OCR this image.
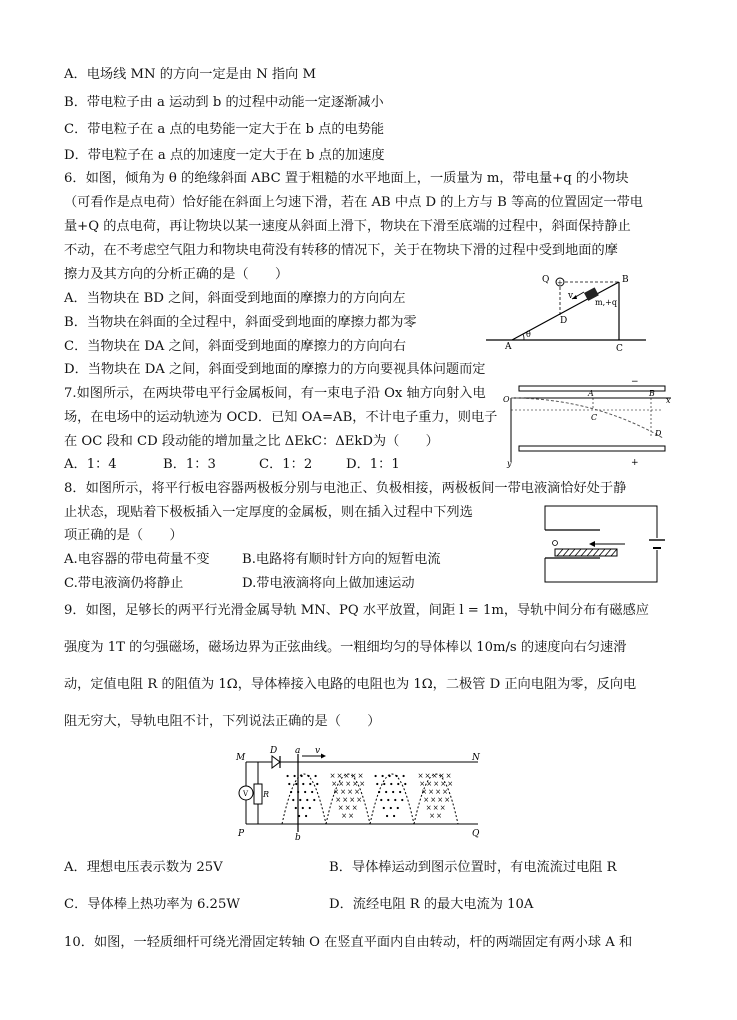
A．电场线 MN 的方向一定是由 N 指向 M
B．带电粒子由 a 运动到 b 的过程中动能一定逐渐减小
C．带电粒子在 a 点的电势能一定大于在 b 点的电势能
D．带电粒子在 a 点的加速度一定大于在 b 点的加速度
6．如图，倾角为 θ 的绝缘斜面 ABC 置于粗糙的水平地面上，一质量为 m，带电量+q 的小物块
（可看作是点电荷）恰好能在斜面上匀速下滑，若在 AB 中点 D 的上方与 B 等高的位置固定一带电
量+Q 的点电荷，再让物块以某一速度从斜面上滑下，物块在下滑至底端的过程中，斜面保持静止
不动，在不考虑空气阻力和物块电荷没有转移的情况下，关于在物块下滑的过程中受到地面的摩
擦力及其方向的分析正确的是（　　）
A．当物块在 BD 之间，斜面受到地面的摩擦力的方向向左
B．当物块在斜面的全过程中，斜面受到地面的摩擦力都为零
C．当物块在 DA 之间，斜面受到地面的摩擦力的方向向右
D．当物块在 DA 之间，斜面受到地面的摩擦力的方向要视具体问题而定
+
Q	B
v
m,+q
D
A	C
θ
7.如图所示，在两块带电平行金属板间，有一束电子沿 Ox 轴方向射入电
场，在电场中的运动轨迹为 OCD．已知 OA=AB，不计电子重力，则电子
在 OC 段和 CD 段动能的增加量之比 ΔEkC：ΔEkD为（　　）
A．1：4	B．1：3	C．1：2	D．1：1
−
O
A	B
x
C
D
y	+
8．如图所示，将平行板电容器两极板分别与电池正、负极相接，两极板间一带电液滴恰好处于静
止状态，现贴着下极板插入一定厚度的金属板，则在插入过程中下列选
项正确的是（　　）
A.电容器的带电荷量不变 B.电路将有顺时针方向的短暂电流
C.带电液滴仍将静止	D.带电液滴将向上做加速运动
9．如图，足够长的两平行光滑金属导轨 MN、PQ 水平放置，间距 l = 1m，导轨中间分布有磁感应
强度为 1T 的匀强磁场，磁场边界为正弦曲线。一粗细均匀的导体棒以 10m/s 的速度向右匀速滑
动，定值电阻 R 的阻值为 1Ω，导体棒接入电路的电阻也为 1Ω，二极管 D 正向电阻为零，反向电
阻无穷大，导轨电阻不计，下列说法正确的是（　　）
× × × × ×
× × × × ×
× × × ×
× × × ×
× × ×
× ×
× × × × ×
× × × × ×
× × × ×
× × × ×
× × ×
× ×
M
D a v
N
V R
P	b	Q
A．理想电压表示数为 25V	B．导体棒运动到图示位置时，有电流流过电阻 R
C．导体棒上热功率为 6.25W	D．流经电阻 R 的最大电流为 10A
10．如图，一轻质细杆可绕光滑固定转轴 O 在竖直平面内自由转动，杆的两端固定有两小球 A 和
